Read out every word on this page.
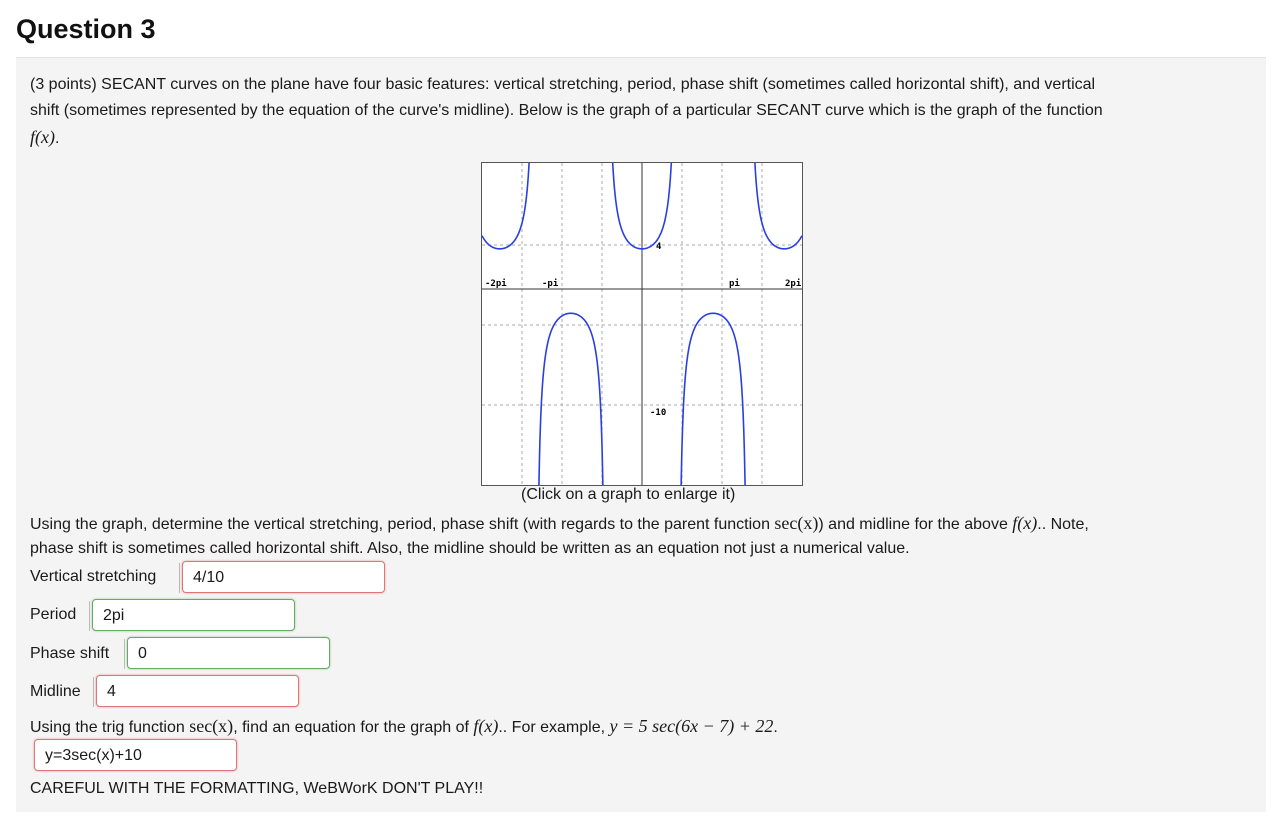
Question 3
(3 points) SECANT curves on the plane have four basic features: vertical stretching, period, phase shift (sometimes called horizontal shift), and vertical
shift (sometimes represented by the equation of the curve's midline). Below is the graph of a particular SECANT curve which is the graph of the function
f(x).
-2pi	-pi	pi	2pi
4
-10
(Click on a graph to enlarge it)
Using the graph, determine the vertical stretching, period, phase shift (with regards to the parent function sec(x)) and midline for the above f(x).. Note,
phase shift is sometimes called horizontal shift. Also, the midline should be written as an equation not just a numerical value.
Vertical stretching	4/10
Period	2pi
Phase shift	0
Midline	4
Using the trig function sec(x), find an equation for the graph of f(x).. For example, y = 5 sec(6x − 7) + 22.
y=3sec(x)+10
CAREFUL WITH THE FORMATTING, WeBWorK DON'T PLAY!!
